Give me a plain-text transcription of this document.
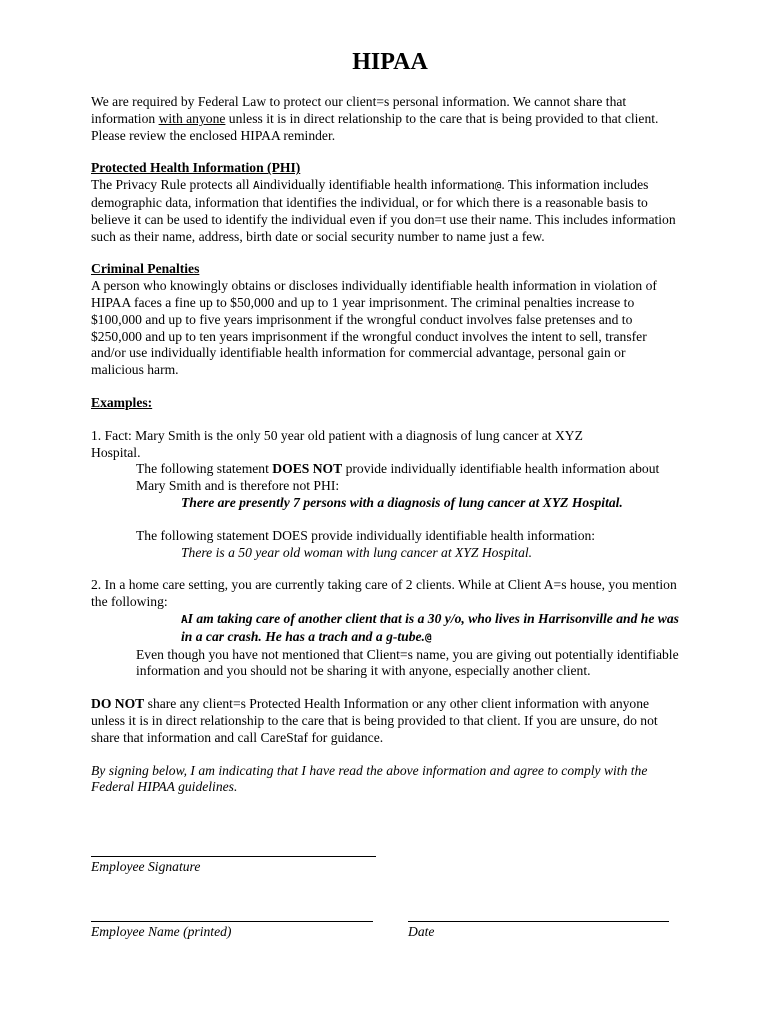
HIPAA

We are required by Federal Law to protect our client=s personal information. We cannot share that information with anyone unless it is in direct relationship to the care that is being provided to that client. Please review the enclosed HIPAA reminder.

Protected Health Information (PHI)

The Privacy Rule protects all Aindividually identifiable health information@. This information includes demographic data, information that identifies the individual, or for which there is a reasonable basis to believe it can be used to identify the individual even if you don=t use their name. This includes information such as their name, address, birth date or social security number to name just a few.

Criminal Penalties

A person who knowingly obtains or discloses individually identifiable health information in violation of HIPAA faces a fine up to $50,000 and up to 1 year imprisonment. The criminal penalties increase to $100,000 and up to five years imprisonment if the wrongful conduct involves false pretenses and to $250,000 and up to ten years imprisonment if the wrongful conduct involves the intent to sell, transfer and/or use individually identifiable health information for commercial advantage, personal gain or malicious harm.

Examples:

1. Fact: Mary Smith is the only 50 year old patient with a diagnosis of lung cancer at XYZ Hospital.

The following statement DOES NOT provide individually identifiable health information about Mary Smith and is therefore not PHI:

There are presently 7 persons with a diagnosis of lung cancer at XYZ Hospital.

The following statement DOES provide individually identifiable health information:

There is a 50 year old woman with lung cancer at XYZ Hospital.

2. In a home care setting, you are currently taking care of 2 clients. While at Client A=s house, you mention the following:

AI am taking care of another client that is a 30 y/o, who lives in Harrisonville and he was in a car crash. He has a trach and a g-tube.@

Even though you have not mentioned that Client=s name, you are giving out potentially identifiable information and you should not be sharing it with anyone, especially another client.

DO NOT share any client=s Protected Health Information or any other client information with anyone unless it is in direct relationship to the care that is being provided to that client. If you are unsure, do not share that information and call CareStaf for guidance.

By signing below, I am indicating that I have read the above information and agree to comply with the Federal HIPAA guidelines.

Employee Signature
Employee Name (printed)	Date
